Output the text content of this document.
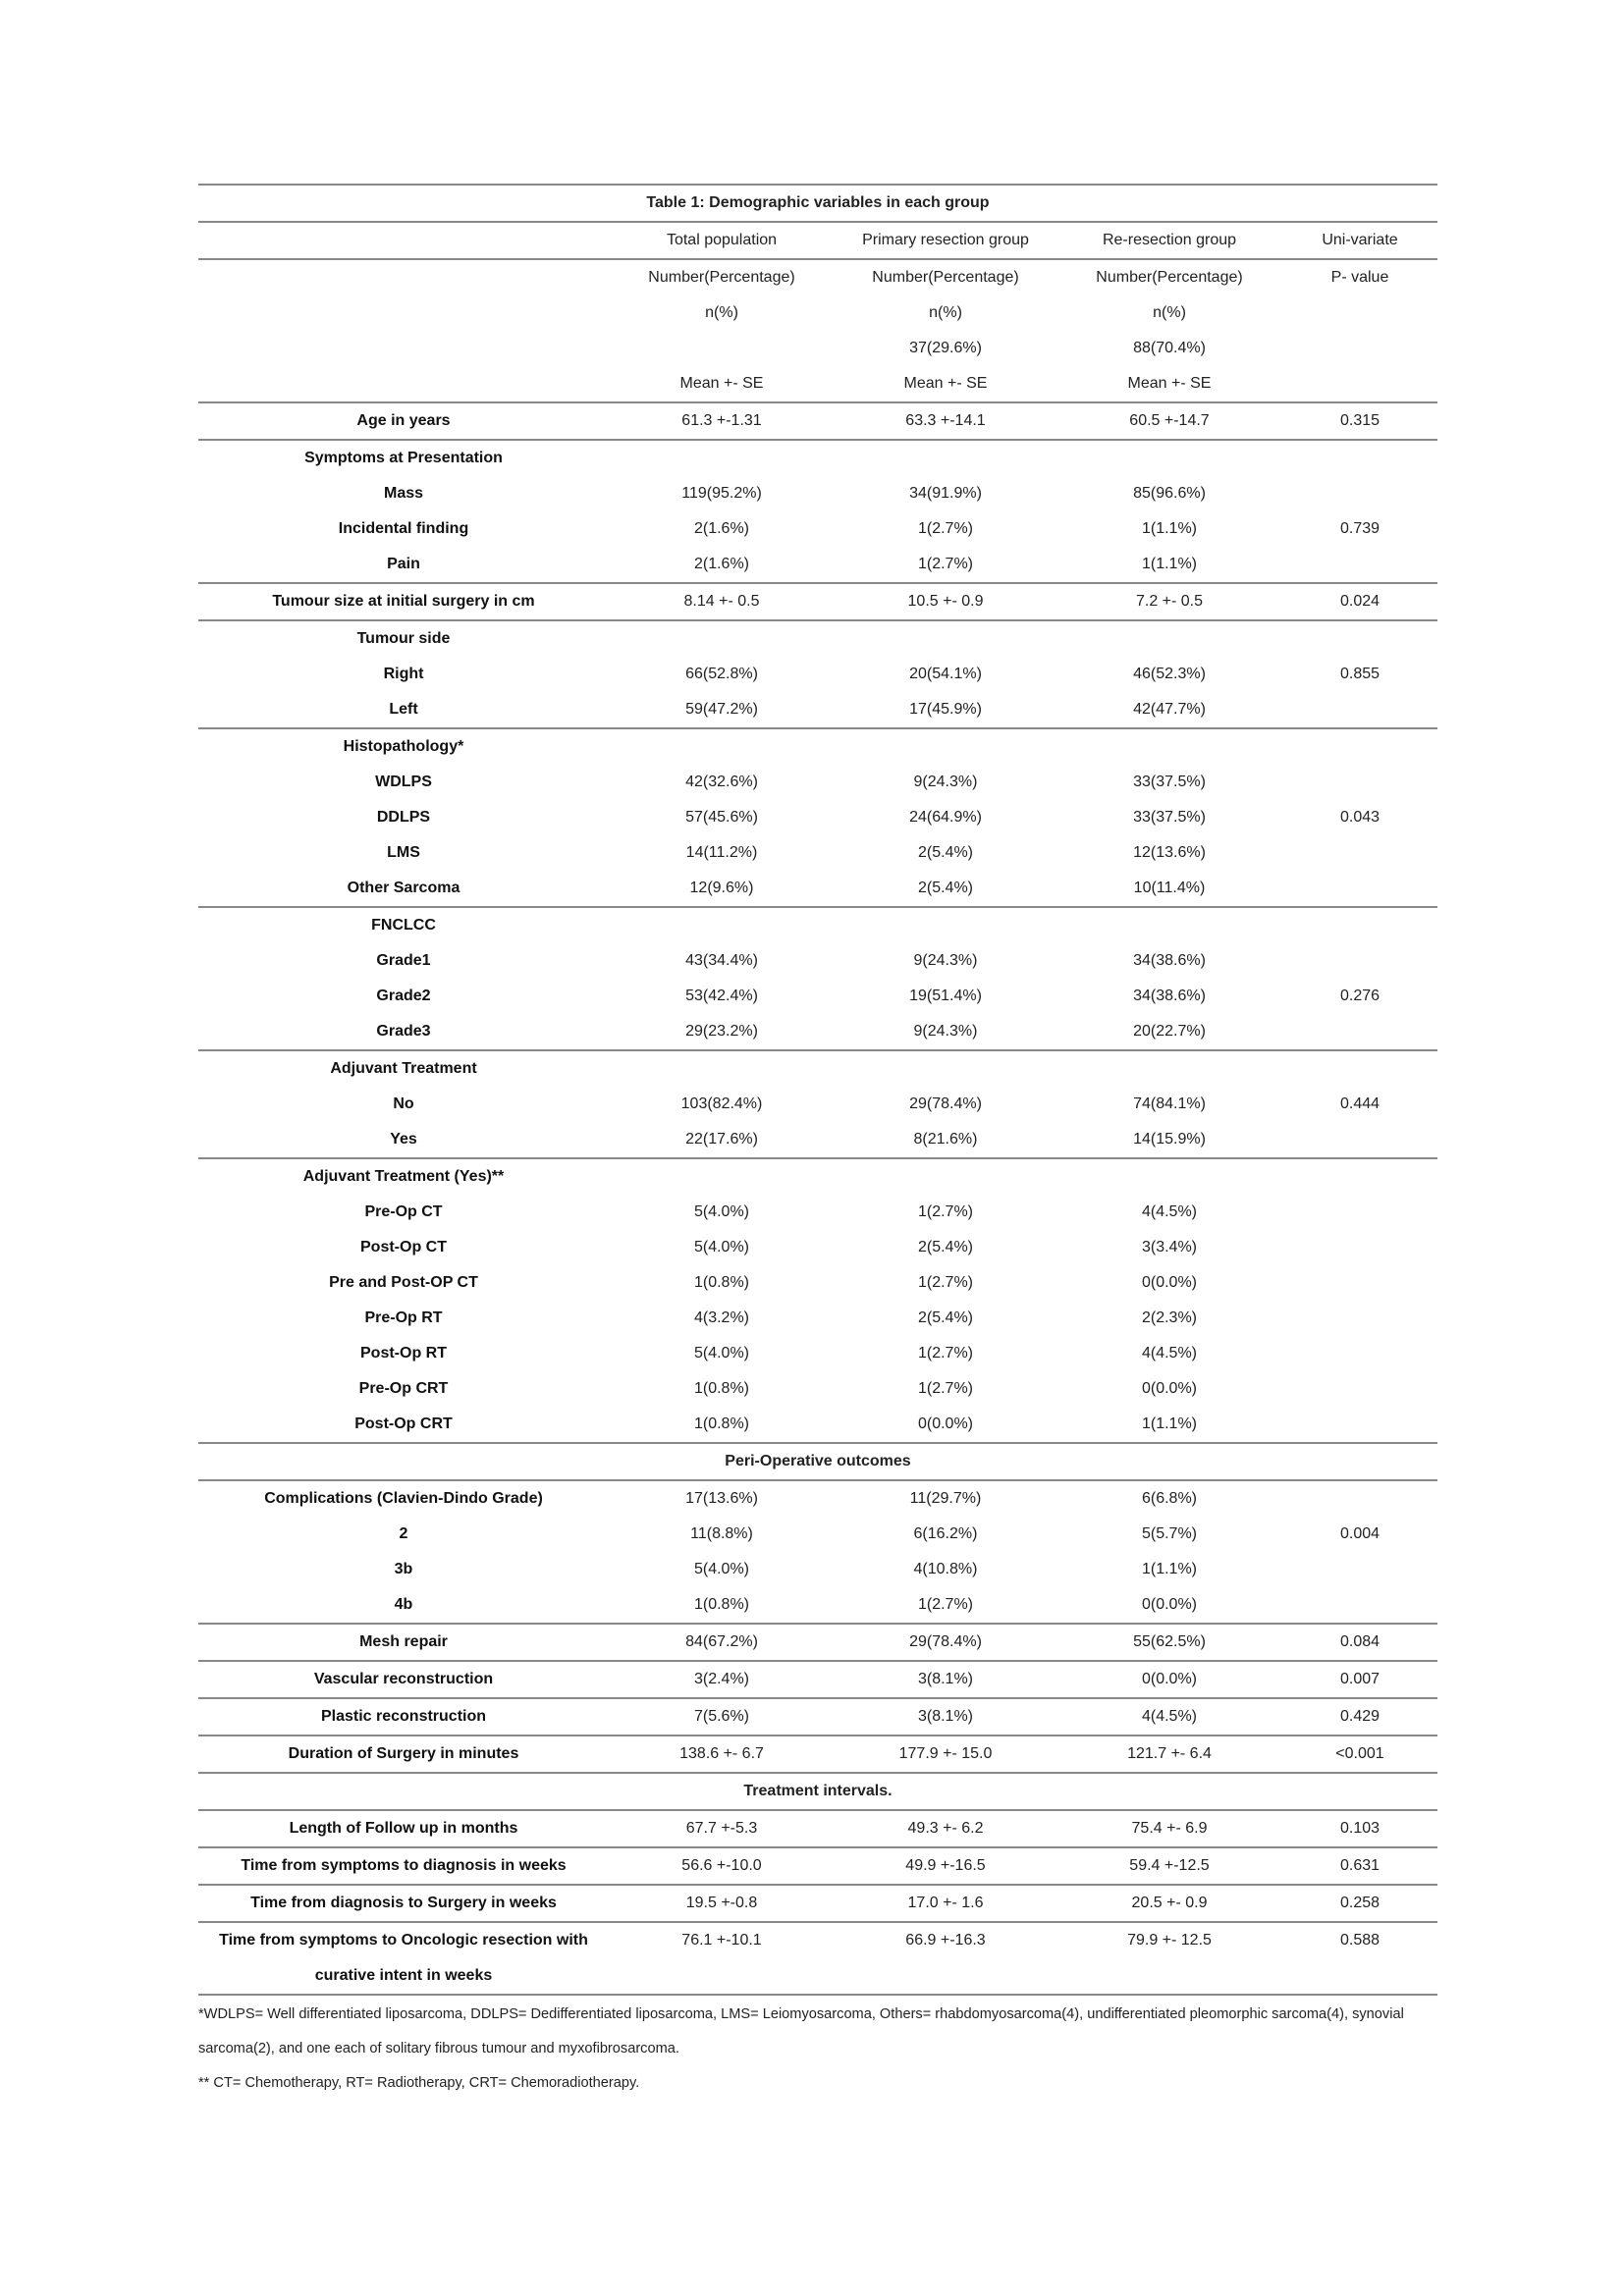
Table 1: Demographic variables in each group				
	Total population	Primary resection group	Re-resection group	Uni-variate
	Number(Percentage)	Number(Percentage)	Number(Percentage)	P- value
	n(%)	n(%)	n(%)	
		37(29.6%)	88(70.4%)	
	Mean +- SE	Mean +- SE	Mean +- SE	
Age in years	61.3 +-1.31	63.3 +-14.1	60.5 +-14.7	0.315
Symptoms at Presentation				
Mass	119(95.2%)	34(91.9%)	85(96.6%)	
Incidental finding	2(1.6%)	1(2.7%)	1(1.1%)	0.739
Pain	2(1.6%)	1(2.7%)	1(1.1%)	
Tumour size at initial surgery in cm	8.14 +- 0.5	10.5 +- 0.9	7.2 +- 0.5	0.024
Tumour side				
Right	66(52.8%)	20(54.1%)	46(52.3%)	0.855
Left	59(47.2%)	17(45.9%)	42(47.7%)	
Histopathology*				
WDLPS	42(32.6%)	9(24.3%)	33(37.5%)	
DDLPS	57(45.6%)	24(64.9%)	33(37.5%)	0.043
LMS	14(11.2%)	2(5.4%)	12(13.6%)	
Other Sarcoma	12(9.6%)	2(5.4%)	10(11.4%)	
FNCLCC				
Grade1	43(34.4%)	9(24.3%)	34(38.6%)	
Grade2	53(42.4%)	19(51.4%)	34(38.6%)	0.276
Grade3	29(23.2%)	9(24.3%)	20(22.7%)	
Adjuvant Treatment				
No	103(82.4%)	29(78.4%)	74(84.1%)	0.444
Yes	22(17.6%)	8(21.6%)	14(15.9%)	
Adjuvant Treatment (Yes)**				
Pre-Op CT	5(4.0%)	1(2.7%)	4(4.5%)	
Post-Op CT	5(4.0%)	2(5.4%)	3(3.4%)	
Pre and Post-OP CT	1(0.8%)	1(2.7%)	0(0.0%)	
Pre-Op RT	4(3.2%)	2(5.4%)	2(2.3%)	
Post-Op RT	5(4.0%)	1(2.7%)	4(4.5%)	
Pre-Op CRT	1(0.8%)	1(2.7%)	0(0.0%)	
Post-Op CRT	1(0.8%)	0(0.0%)	1(1.1%)	
Peri-Operative outcomes				
Complications (Clavien-Dindo Grade)	17(13.6%)	11(29.7%)	6(6.8%)	
2	11(8.8%)	6(16.2%)	5(5.7%)	0.004
3b	5(4.0%)	4(10.8%)	1(1.1%)	
4b	1(0.8%)	1(2.7%)	0(0.0%)	
Mesh repair	84(67.2%)	29(78.4%)	55(62.5%)	0.084
Vascular reconstruction	3(2.4%)	3(8.1%)	0(0.0%)	0.007
Plastic reconstruction	7(5.6%)	3(8.1%)	4(4.5%)	0.429
Duration of Surgery in minutes	138.6 +- 6.7	177.9 +- 15.0	121.7 +- 6.4	<0.001
Treatment intervals.				
Length of Follow up in months	67.7 +-5.3	49.3 +- 6.2	75.4 +- 6.9	0.103
Time from symptoms to diagnosis in weeks	56.6 +-10.0	49.9 +-16.5	59.4 +-12.5	0.631
Time from diagnosis to Surgery in weeks	19.5 +-0.8	17.0 +- 1.6	20.5 +- 0.9	0.258
Time from symptoms to Oncologic resection with curative intent in weeks	76.1 +-10.1	66.9 +-16.3	79.9 +- 12.5	0.588

*WDLPS= Well differentiated liposarcoma, DDLPS= Dedifferentiated liposarcoma, LMS= Leiomyosarcoma, Others= rhabdomyosarcoma(4), undifferentiated pleomorphic sarcoma(4), synovial sarcoma(2), and one each of solitary fibrous tumour and myxofibrosarcoma.

** CT= Chemotherapy, RT= Radiotherapy, CRT= Chemoradiotherapy.
